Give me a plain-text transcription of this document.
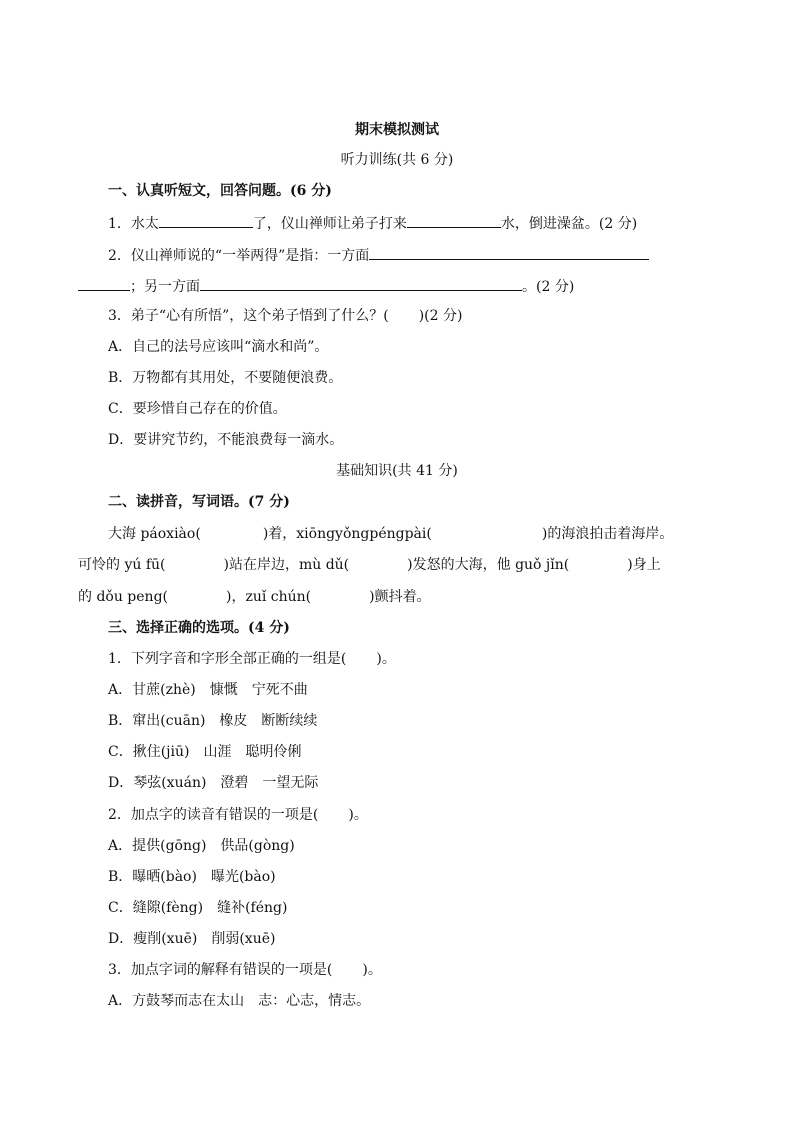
期末模拟测试
听力训练(共 6 分)
一、认真听短文，回答问题。(6 分)
1．水太	了，仪山禅师让弟子打来	水，倒进澡盆。(2 分)
2．仪山禅师说的“一举两得”是指：一方面
；另一方面	。(2 分)
3．弟子“心有所悟”，这个弟子悟到了什么？( )(2 分)
A．自己的法号应该叫“滴水和尚”。
B．万物都有其用处，不要随便浪费。
C．要珍惜自己存在的价值。
D．要讲究节约，不能浪费每一滴水。
基础知识(共 41 分)
二、读拼音，写词语。(7 分)
大海 páoxiào(	)着，xiōngyǒngpéngpài(	)的海浪拍击着海岸。
可怜的 yú fū(	)站在岸边，mù dǔ(	)发怒的大海，他 guǒ jǐn(	)身上
的 dǒu peng(	)，zuǐ chún(	)颤抖着。
三、选择正确的选项。(4 分)
1．下列字音和字形全部正确的一组是( )。
A．甘蔗(zhè)　慷慨　宁死不曲
B．窜出(cuān)　橡皮　断断续续
C．揪住(jiū)　山涯　聪明伶俐
D．琴弦(xuán)　澄碧　一望无际
2．加点字的读音有错误的一项是( )。
A．提供(gōng)　供品(gòng)
B．曝晒(bào)　曝光(bào)
C．缝隙(fèng)　缝补(féng)
D．瘦削(xuē)　削弱(xuē)
3．加点字词的解释有错误的一项是( )。
A．方鼓琴而志在太山　志：心志，情志。
